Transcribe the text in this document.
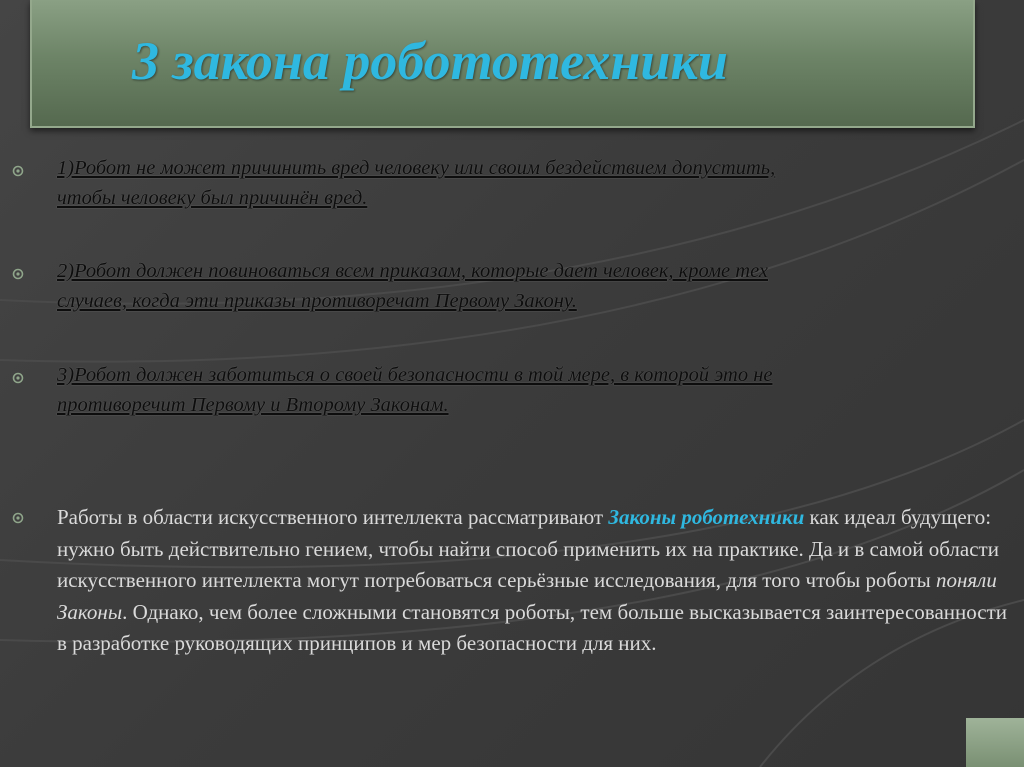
3 закона робототехники
1)Робот не может причинить вред человеку или своим бездействием допустить,
чтобы человеку был причинён вред.
2)Робот должен повиноваться всем приказам, которые дает человек, кроме тех
случаев, когда эти приказы противоречат Первому Закону.
3)Робот должен заботиться о своей безопасности в той мере, в которой это не
противоречит Первому и Второму Законам.
Работы в области искусственного интеллекта рассматривают Законы роботехники как идеал будущего: нужно быть действительно гением, чтобы найти способ применить их на практике. Да и в самой области искусственного интеллекта могут потребоваться серьёзные исследования, для того чтобы роботы поняли Законы. Однако, чем более сложными становятся роботы, тем больше высказывается заинтересованности в разработке руководящих принципов и мер безопасности для них.
